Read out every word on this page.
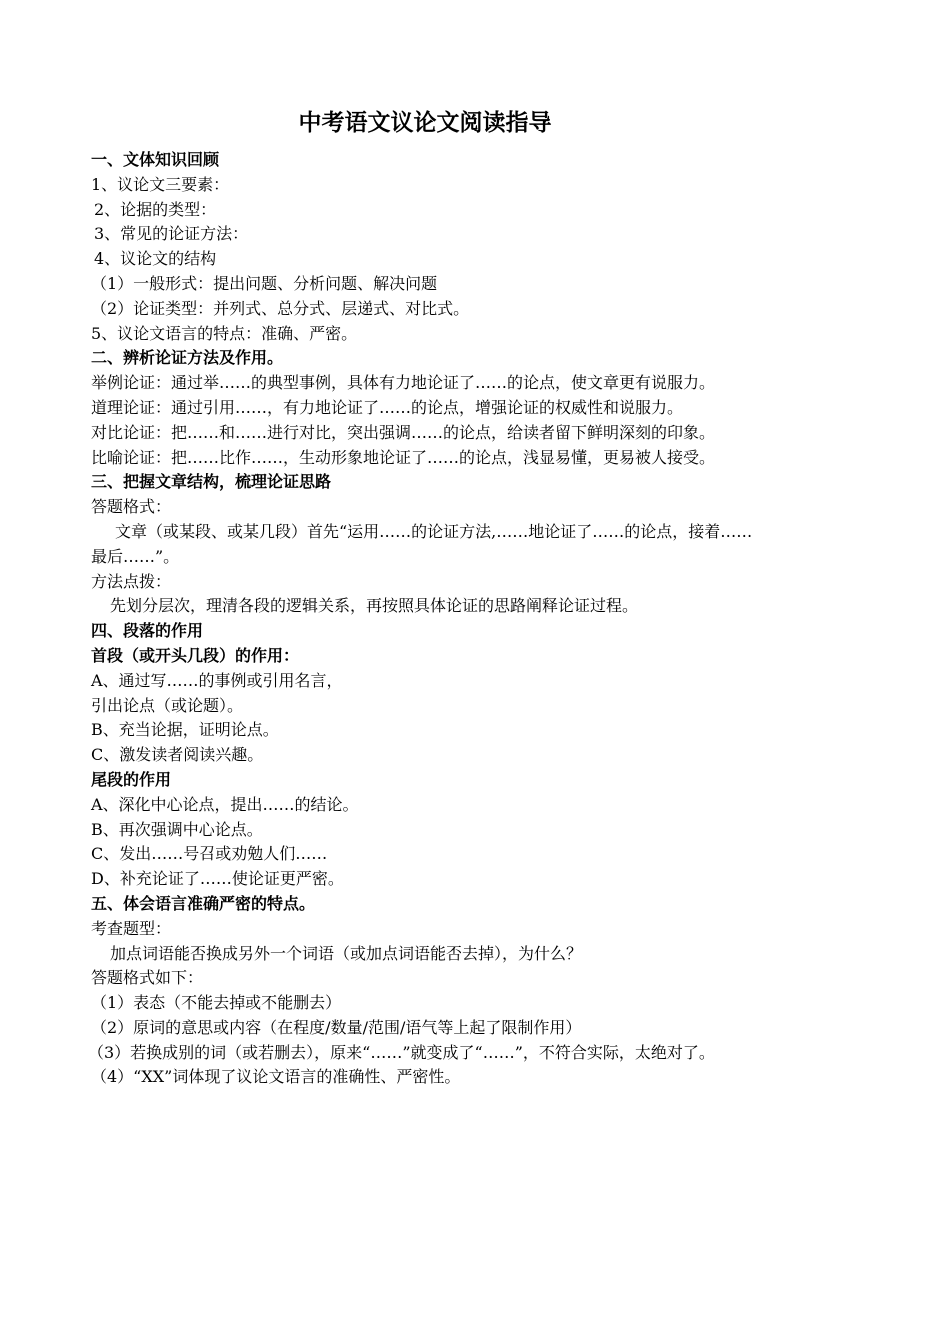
中考语文议论文阅读指导
一、文体知识回顾
1、议论文三要素：
2、论据的类型：
3、常见的论证方法：
4、议论文的结构
（1）一般形式：提出问题、分析问题、解决问题
（2）论证类型：并列式、总分式、层递式、对比式。
5、议论文语言的特点：准确、严密。
二、辨析论证方法及作用。
举例论证：通过举……的典型事例，具体有力地论证了……的论点，使文章更有说服力。
道理论证：通过引用……，有力地论证了……的论点，增强论证的权威性和说服力。
对比论证：把……和……进行对比，突出强调……的论点，给读者留下鲜明深刻的印象。
比喻论证：把……比作……，生动形象地论证了……的论点，浅显易懂，更易被人接受。
三、把握文章结构，梳理论证思路
答题格式：
文章（或某段、或某几段）首先“运用……的论证方法,……地论证了……的论点，接着……
最后……”。
方法点拨：
先划分层次，理清各段的逻辑关系，再按照具体论证的思路阐释论证过程。
四、段落的作用
首段（或开头几段）的作用：
A、通过写……的事例或引用名言，
引出论点（或论题）。
B、充当论据，证明论点。
C、激发读者阅读兴趣。
尾段的作用
A、深化中心论点，提出……的结论。
B、再次强调中心论点。
C、发出……号召或劝勉人们……
D、补充论证了……使论证更严密。
五、体会语言准确严密的特点。
考查题型：
加点词语能否换成另外一个词语（或加点词语能否去掉），为什么？
答题格式如下：
（1）表态（不能去掉或不能删去）
（2）原词的意思或内容（在程度/数量/范围/语气等上起了限制作用）
（3）若换成别的词（或若删去），原来“……”就变成了“……”，不符合实际，太绝对了。
（4）“XX”词体现了议论文语言的准确性、严密性。
